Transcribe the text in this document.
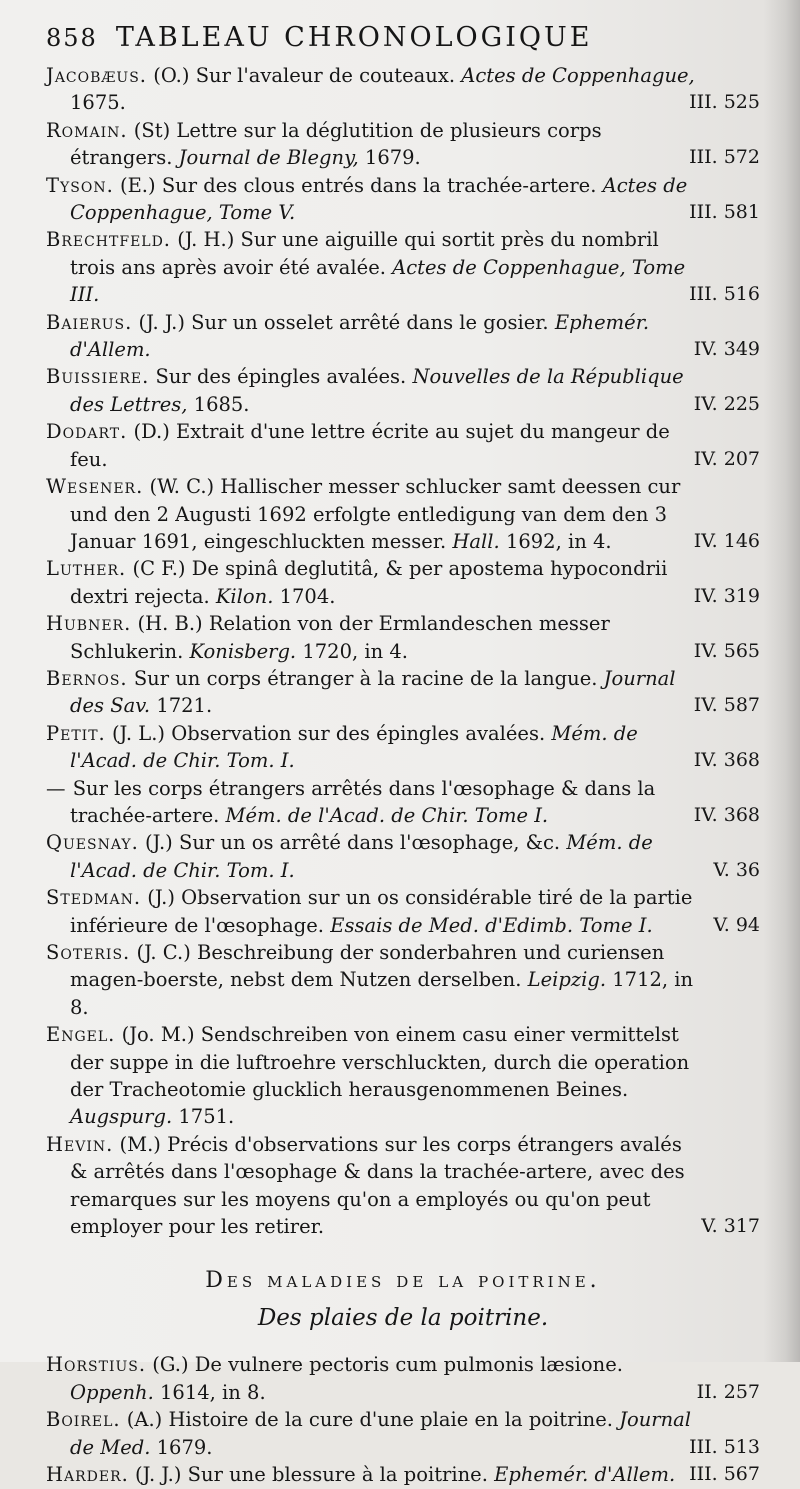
858 TABLEAU CHRONOLOGIQUE
Jacobæus. (O.) Sur l'avaleur de couteaux. Actes de Coppenhague, 1675.	III. 525
Romain. (St) Lettre sur la déglutition de plusieurs corps étrangers. Journal de Blegny, 1679.	III. 572
Tyson. (E.) Sur des clous entrés dans la trachée-artere. Actes de Coppenhague, Tome V.	III. 581
Brechtfeld. (J. H.) Sur une aiguille qui sortit près du nombril trois ans après avoir été avalée. Actes de Coppenhague, Tome III.	III. 516
Baierus. (J. J.) Sur un osselet arrêté dans le gosier. Ephemér. d'Allem.	IV. 349
Buissiere. Sur des épingles avalées. Nouvelles de la République des Lettres, 1685.	IV. 225
Dodart. (D.) Extrait d'une lettre écrite au sujet du mangeur de feu.	IV. 207
Wesener. (W. C.) Hallischer messer schlucker samt deessen cur und den 2 Augusti 1692 erfolgte entledigung van dem den 3 Januar 1691, eingeschluckten messer. Hall. 1692, in 4.	IV. 146
Luther. (C F.) De spinâ deglutitâ, & per apostema hypocondrii dextri rejecta. Kilon. 1704.	IV. 319
Hubner. (H. B.) Relation von der Ermlandeschen messer Schlukerin. Konisberg. 1720, in 4.	IV. 565
Bernos. Sur un corps étranger à la racine de la langue. Journal des Sav. 1721.	IV. 587
Petit. (J. L.) Observation sur des épingles avalées. Mém. de l'Acad. de Chir. Tom. I.	IV. 368
— Sur les corps étrangers arrêtés dans l'œsophage & dans la trachée-artere. Mém. de l'Acad. de Chir. Tome I.	IV. 368
Quesnay. (J.) Sur un os arrêté dans l'œsophage, &c. Mém. de l'Acad. de Chir. Tom. I.	V. 36
Stedman. (J.) Observation sur un os considérable tiré de la partie inférieure de l'œsophage. Essais de Med. d'Edimb. Tome I.	V. 94
Soteris. (J. C.) Beschreibung der sonderbahren und curiensen magen-boerste, nebst dem Nutzen derselben. Leipzig. 1712, in 8.
Engel. (Jo. M.) Sendschreiben von einem casu einer vermittelst der suppe in die luftroehre verschluckten, durch die operation der Tracheotomie glucklich herausgenommenen Beines. Augspurg. 1751.
Hevin. (M.) Précis d'observations sur les corps étrangers avalés & arrêtés dans l'œsophage & dans la trachée-artere, avec des remarques sur les moyens qu'on a employés ou qu'on peut employer pour les retirer.	V. 317
Des maladies de la poitrine.
Des plaies de la poitrine.
Horstius. (G.) De vulnere pectoris cum pulmonis læsione. Oppenh. 1614, in 8.	II. 257
Boirel. (A.) Histoire de la cure d'une plaie en la poitrine. Journal de Med. 1679.	III. 513
Harder. (J. J.) Sur une blessure à la poitrine. Ephemér. d'Allem. III. 567
